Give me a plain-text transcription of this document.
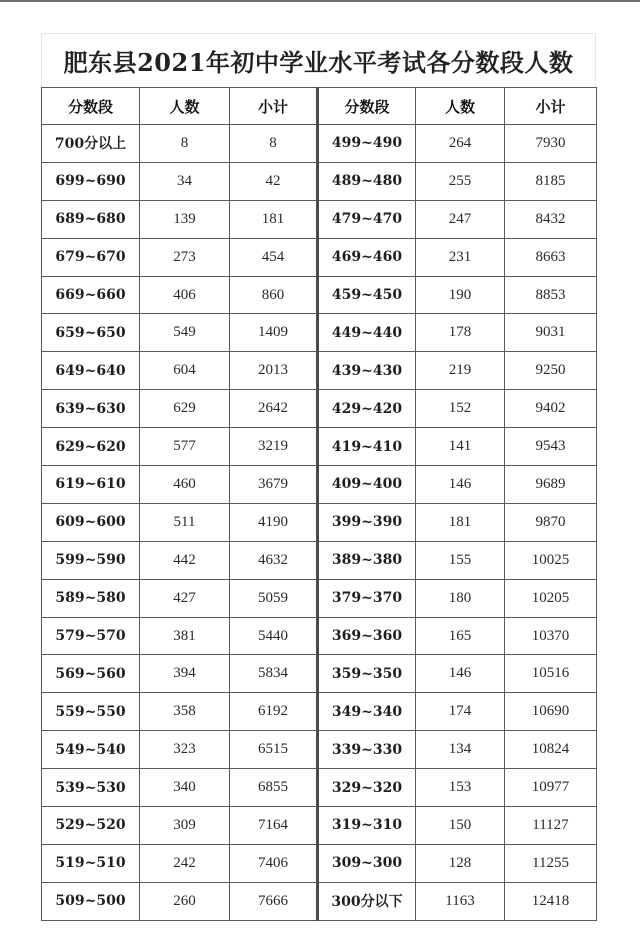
肥东县2021年初中学业水平考试各分数段人数
分数段	人数	小计	分数段	人数	小计
700分以上	8	8	499~490	264	7930
699~690	34	42	489~480	255	8185
689~680	139	181	479~470	247	8432
679~670	273	454	469~460	231	8663
669~660	406	860	459~450	190	8853
659~650	549	1409	449~440	178	9031
649~640	604	2013	439~430	219	9250
639~630	629	2642	429~420	152	9402
629~620	577	3219	419~410	141	9543
619~610	460	3679	409~400	146	9689
609~600	511	4190	399~390	181	9870
599~590	442	4632	389~380	155	10025
589~580	427	5059	379~370	180	10205
579~570	381	5440	369~360	165	10370
569~560	394	5834	359~350	146	10516
559~550	358	6192	349~340	174	10690
549~540	323	6515	339~330	134	10824
539~530	340	6855	329~320	153	10977
529~520	309	7164	319~310	150	11127
519~510	242	7406	309~300	128	11255
509~500	260	7666	300分以下	1163	12418
